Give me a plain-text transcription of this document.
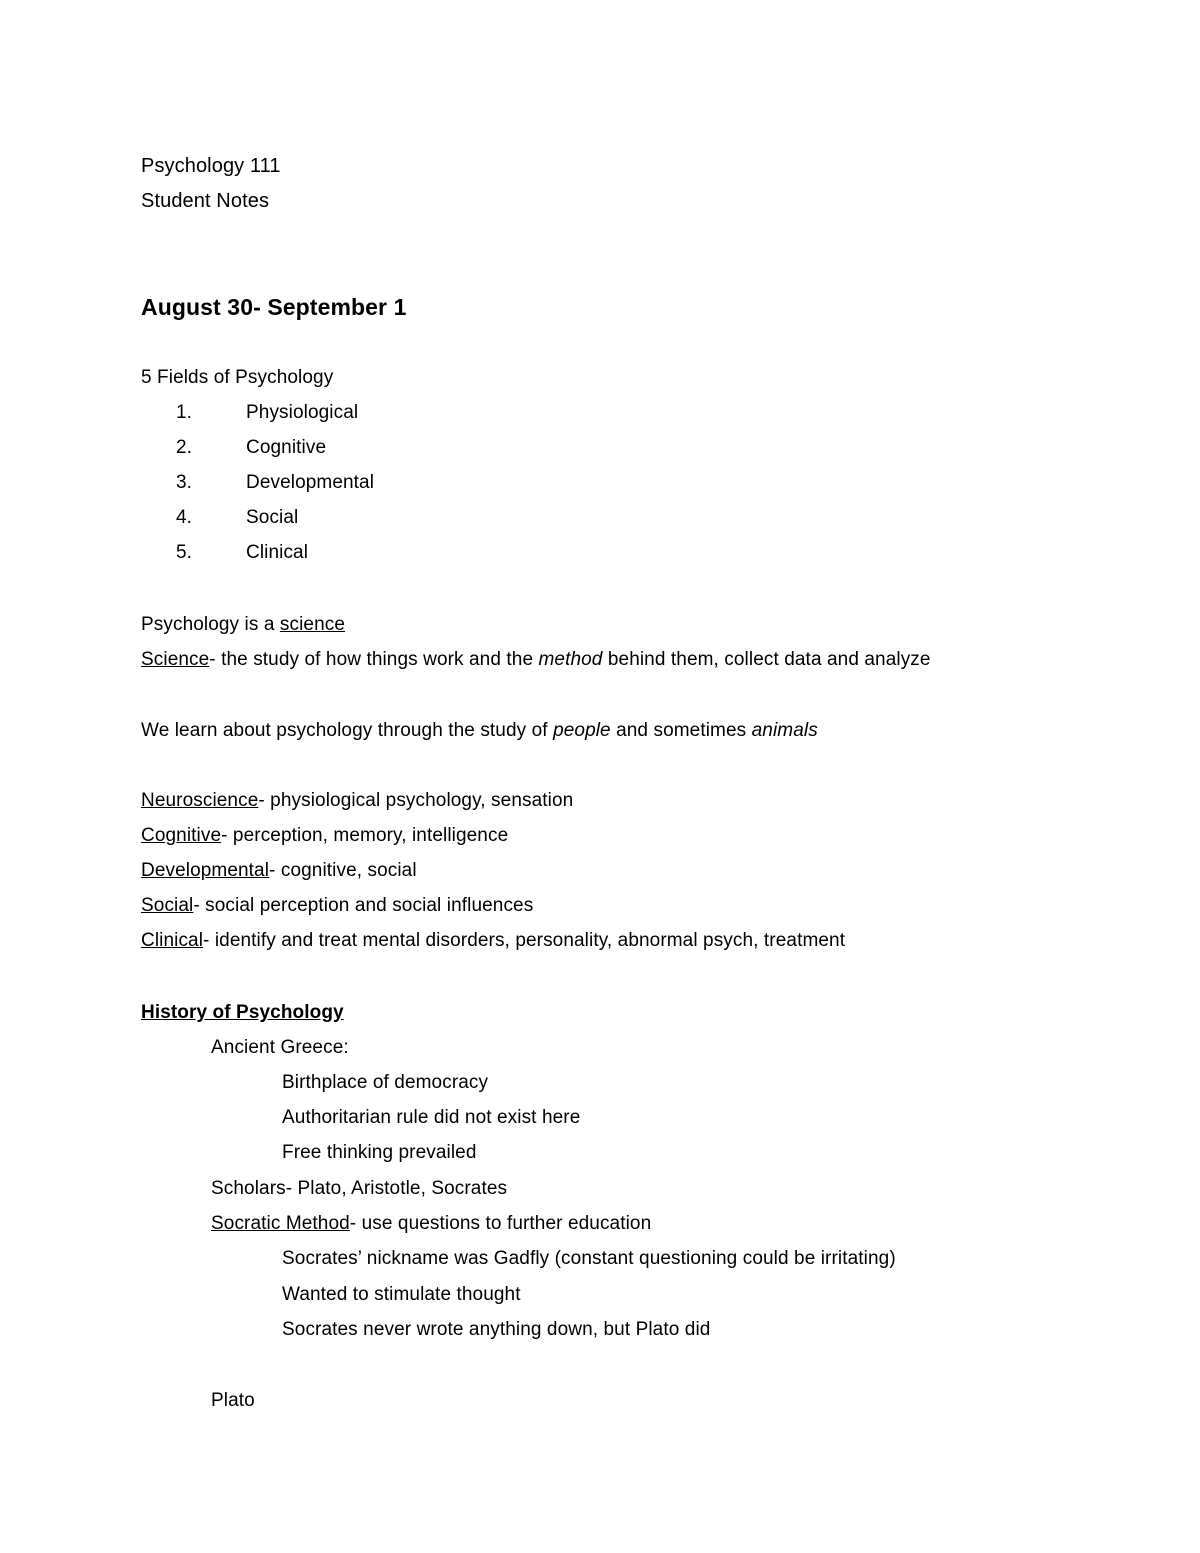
Psychology 111
Student Notes
August 30- September 1
5 Fields of Psychology
1.	Physiological
2.	Cognitive
3.	Developmental
4.	Social
5.	Clinical
Psychology is a science
Science- the study of how things work and the method behind them, collect data and analyze
We learn about psychology through the study of people and sometimes animals
Neuroscience- physiological psychology, sensation
Cognitive- perception, memory, intelligence
Developmental- cognitive, social
Social- social perception and social influences
Clinical- identify and treat mental disorders, personality, abnormal psych, treatment
History of Psychology
Ancient Greece:
Birthplace of democracy
Authoritarian rule did not exist here
Free thinking prevailed
Scholars- Plato, Aristotle, Socrates
Socratic Method- use questions to further education
Socrates’ nickname was Gadfly (constant questioning could be irritating)
Wanted to stimulate thought
Socrates never wrote anything down, but Plato did
Plato
